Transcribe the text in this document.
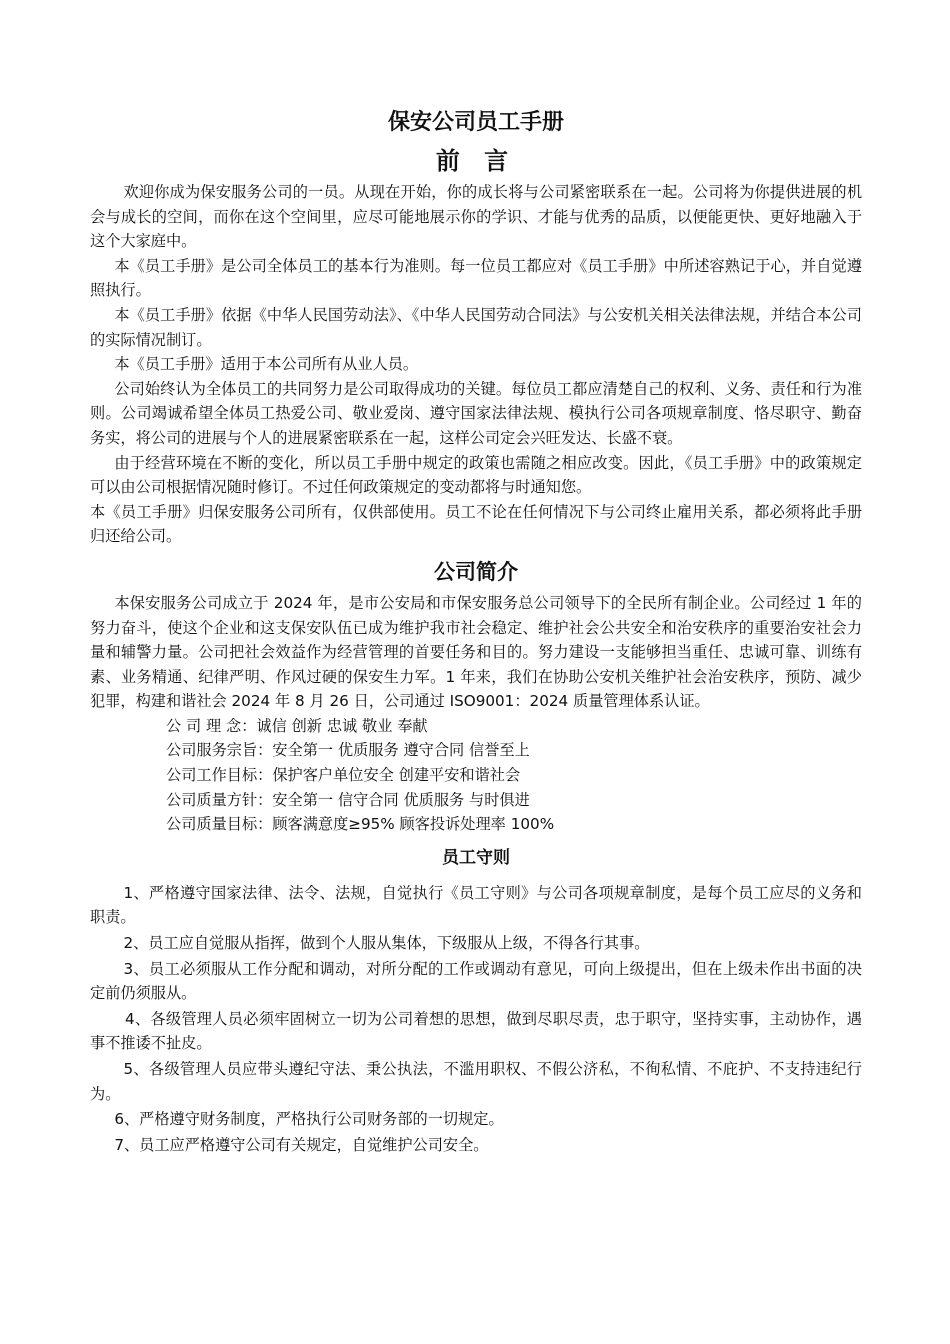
保安公司员工手册
前 言

欢迎你成为保安服务公司的一员。从现在开始，你的成长将与公司紧密联系在一起。公司将为你提供进展的机会与成长的空间，而你在这个空间里，应尽可能地展示你的学识、才能与优秀的品质，以便能更快、更好地融入于这个大家庭中。

本《员工手册》是公司全体员工的基本行为准则。每一位员工都应对《员工手册》中所述容熟记于心，并自觉遵照执行。

本《员工手册》依据《中华人民国劳动法》、《中华人民国劳动合同法》与公安机关相关法律法规，并结合本公司的实际情况制订。

本《员工手册》适用于本公司所有从业人员。

公司始终认为全体员工的共同努力是公司取得成功的关键。每位员工都应清楚自己的权利、义务、责任和行为准则。公司竭诚希望全体员工热爱公司、敬业爱岗、遵守国家法律法规、模执行公司各项规章制度、恪尽职守、勤奋务实，将公司的进展与个人的进展紧密联系在一起，这样公司定会兴旺发达、长盛不衰。

由于经营环境在不断的变化，所以员工手册中规定的政策也需随之相应改变。因此，《员工手册》中的政策规定可以由公司根据情况随时修订。不过任何政策规定的变动都将与时通知您。

本《员工手册》归保安服务公司所有，仅供部使用。员工不论在任何情况下与公司终止雇用关系，都必须将此手册归还给公司。

公司简介

本保安服务公司成立于 2024 年，是市公安局和市保安服务总公司领导下的全民所有制企业。公司经过 1 年的努力奋斗，使这个企业和这支保安队伍已成为维护我市社会稳定、维护社会公共安全和治安秩序的重要治安社会力量和辅警力量。公司把社会效益作为经营管理的首要任务和目的。努力建设一支能够担当重任、忠诚可靠、训练有素、业务精通、纪律严明、作风过硬的保安生力军。1 年来，我们在协助公安机关维护社会治安秩序，预防、减少犯罪，构建和谐社会 2024 年 8 月 26 日，公司通过 ISO9001：2024 质量管理体系认证。

公 司 理 念：诚信 创新 忠诚 敬业 奉献
公司服务宗旨：安全第一 优质服务 遵守合同 信誉至上
公司工作目标：保护客户单位安全 创建平安和谐社会
公司质量方针：安全第一 信守合同 优质服务 与时俱进
公司质量目标：顾客满意度≥95% 顾客投诉处理率 100%
员工守则

1、严格遵守国家法律、法令、法规，自觉执行《员工守则》与公司各项规章制度，是每个员工应尽的义务和职责。

2、员工应自觉服从指挥，做到个人服从集体，下级服从上级，不得各行其事。

3、员工必须服从工作分配和调动，对所分配的工作或调动有意见，可向上级提出，但在上级未作出书面的决定前仍须服从。

4、各级管理人员必须牢固树立一切为公司着想的思想，做到尽职尽责，忠于职守，坚持实事，主动协作，遇事不推诿不扯皮。

5、各级管理人员应带头遵纪守法、秉公执法，不滥用职权、不假公济私，不徇私情、不庇护、不支持违纪行为。

6、严格遵守财务制度，严格执行公司财务部的一切规定。

7、员工应严格遵守公司有关规定，自觉维护公司安全。
